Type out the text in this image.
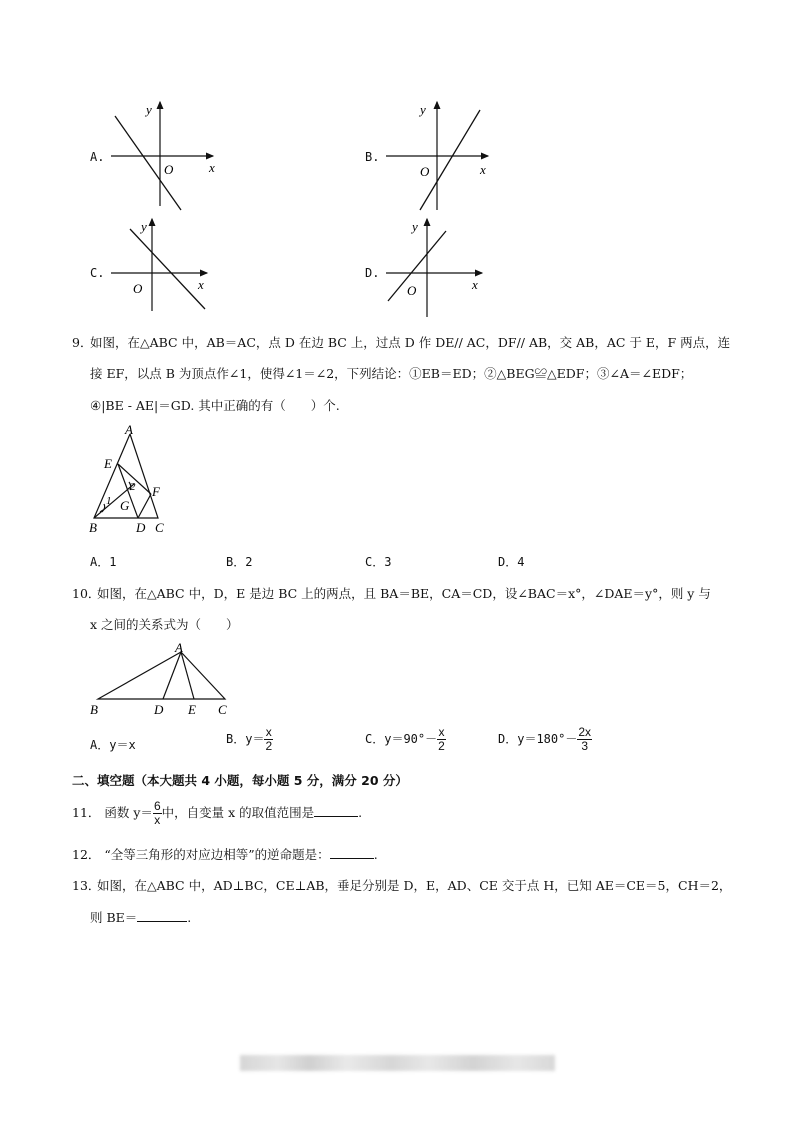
A.
y
x
O
B.
y
x
O
C.
y
x
O
D.
y
x
O
9．
如图，在△ABC 中，AB＝AC，点 D 在边 BC 上，过点 D 作 DE// AC，DF// AB，交 AB，AC 于 E，F 两点，连
接 EF，以点 B 为顶点作∠1，使得∠1＝∠2，下列结论：①EB＝ED；②△BEG≌△EDF；③∠A＝∠EDF；
④|BE - AE|＝GD. 其中正确的有（　　）个.
A
E
F
2
1 G
B	D C
A．1	B．2	C．3	D．4
10．
如图，在△ABC 中，D，E 是边 BC 上的两点，且 BA＝BE，CA＝CD，设∠BAC＝x°，∠DAE＝y°，则 y 与
x 之间的关系式为（　　）
A
B	D E C
A．y＝x	B．$y= \frac{x}{2}$	C．$y=90^\circ- \frac{x}{2}$	D．$y=180^\circ- \frac{2x}{3}$
二、填空题（本大题共 4 小题，每小题 5 分，满分 20 分）
11． 函数 $y= \frac{6}{x}$ 中，自变量 x 的取值范围是	.
12． “全等三角形的对应边相等”的逆命题是：	.
13．
如图，在△ABC 中，AD⊥BC，CE⊥AB，垂足分别是 D，E，AD、CE 交于点 H，已知 AE＝CE＝5，CH＝2，
则 BE＝	.
